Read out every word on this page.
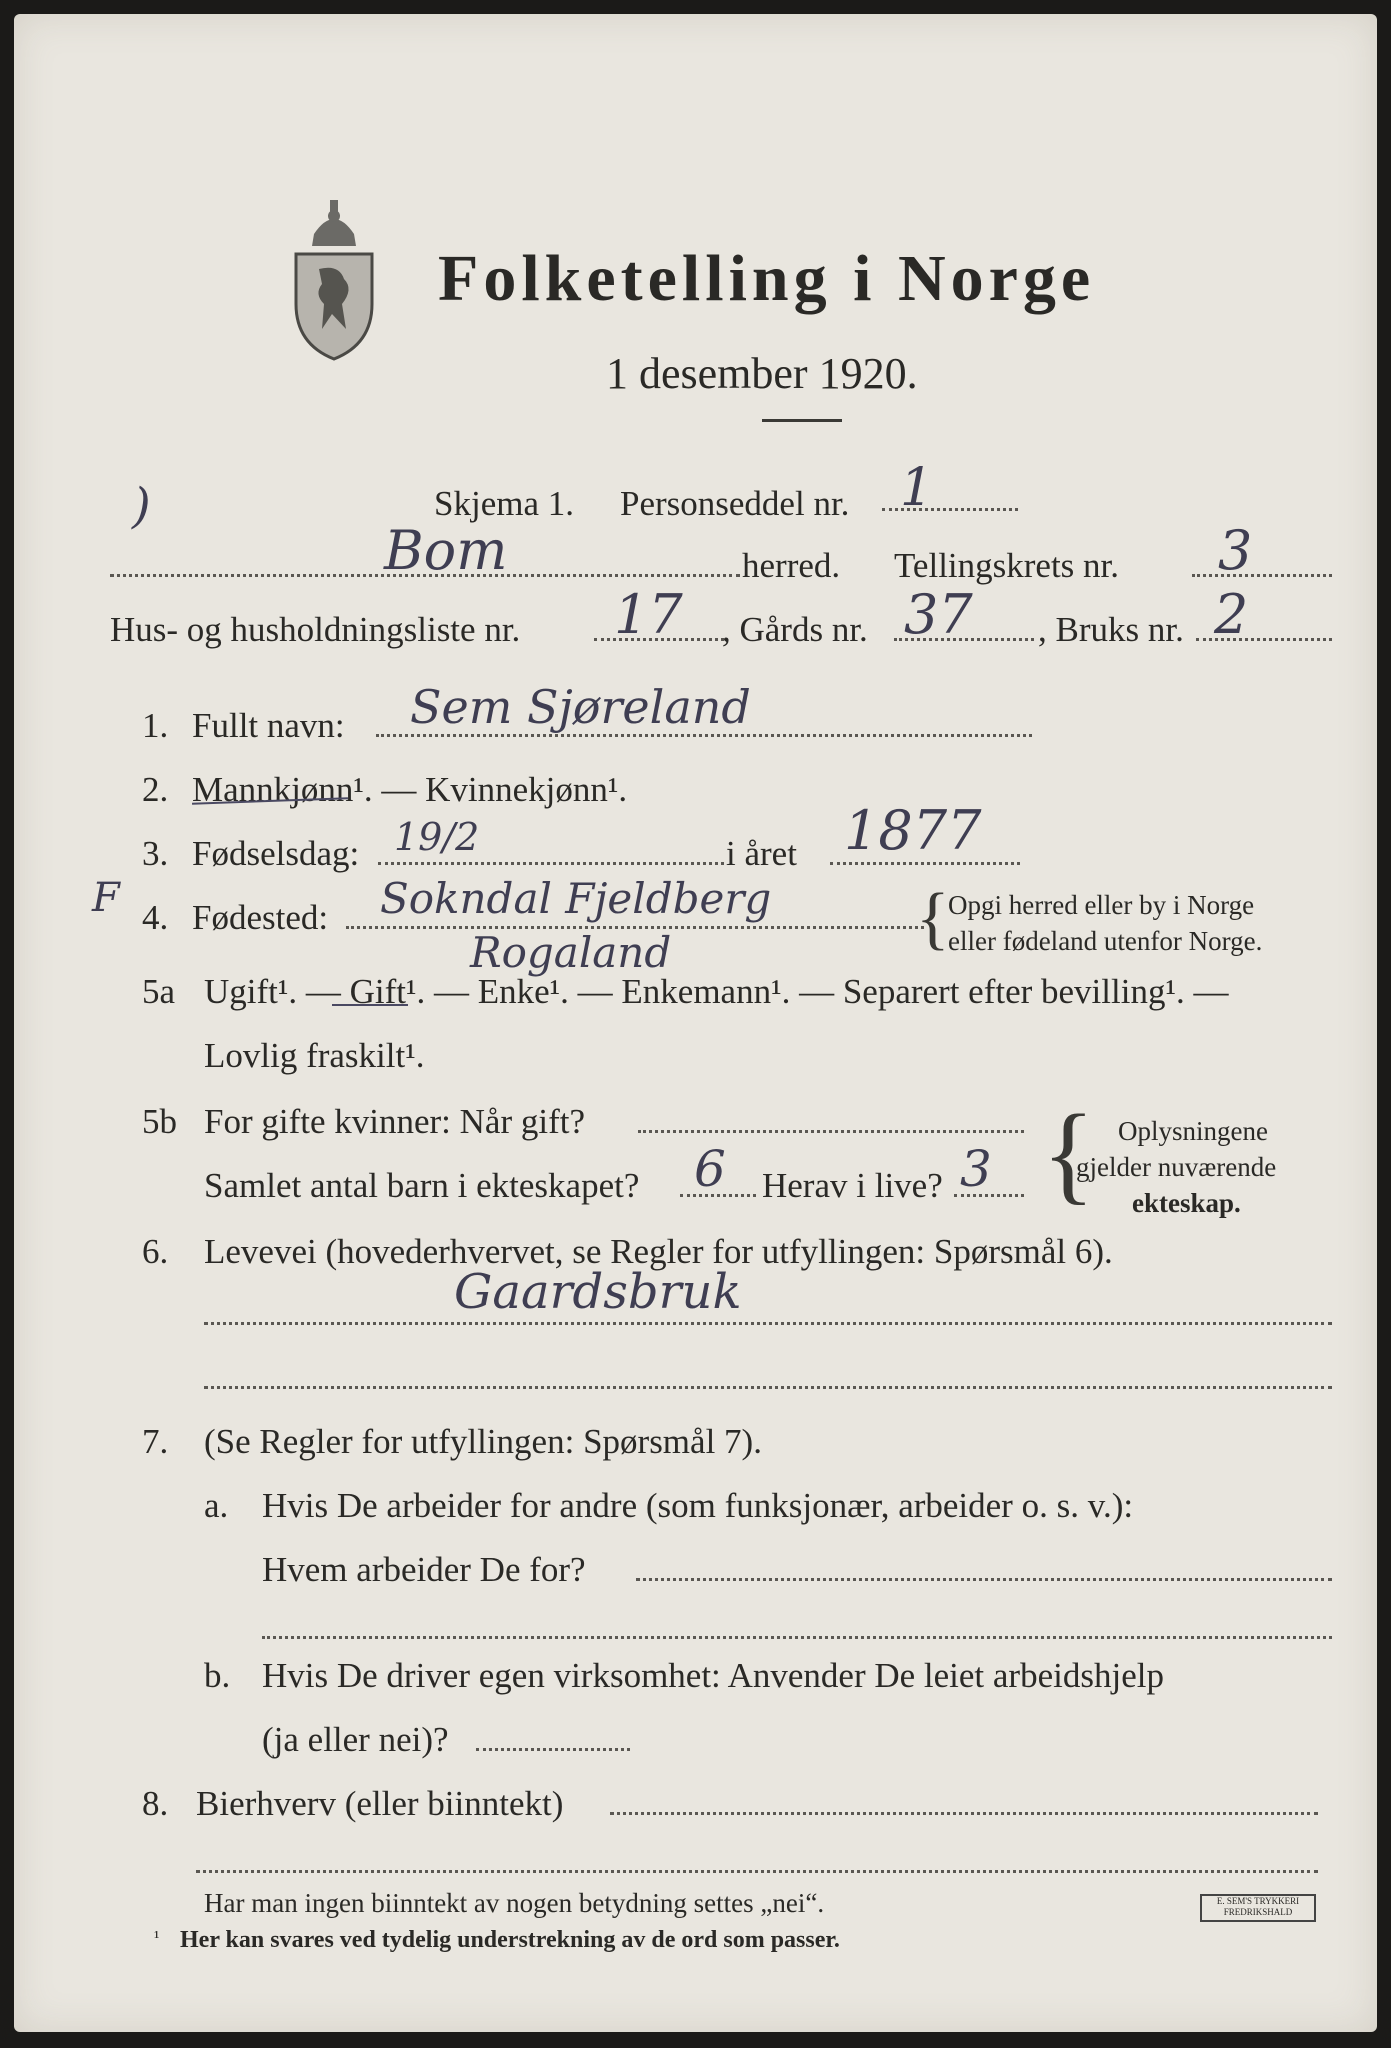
Folketelling i Norge
1 desember 1920.
)
F
Skjema 1. Personseddel nr. 1
Bom	herred. Tellingskrets nr. 3
Hus- og husholdningsliste nr. 17 , Gårds nr. 37 , Bruks nr. 2
1. Fullt navn: Sem Sjøreland
2. Mannkjønn¹. — Kvinnekjønn¹.
3. Fødselsdag: 19/2	i året 1877
4. Fødested: Sokndal Fjeldberg
Rogaland	{
Opgi herred eller by i Norge
eller fødeland utenfor Norge.
5a Ugift¹. — Gift¹. — Enke¹. — Enkemann¹. — Separert efter bevilling¹. —
Lovlig fraskilt¹.
5b For gifte kvinner: Når gift?
Samlet antal barn i ekteskapet? 6 Herav i live? 3 { Oplysningene
gjelder nuværende
ekteskap.
6. Levevei (hovederhvervet, se Regler for utfyllingen: Spørsmål 6).
Gaardsbruk
7. (Se Regler for utfyllingen: Spørsmål 7).
a. Hvis De arbeider for andre (som funksjonær, arbeider o. s. v.):
Hvem arbeider De for?
b. Hvis De driver egen virksomhet: Anvender De leiet arbeidshjelp
(ja eller nei)?
8. Bierhverv (eller biinntekt)
Har man ingen biinntekt av nogen betydning settes „nei“.
¹ Her kan svares ved tydelig understrekning av de ord som passer.
E. SEM'S TRYKKERI
FREDRIKSHALD
